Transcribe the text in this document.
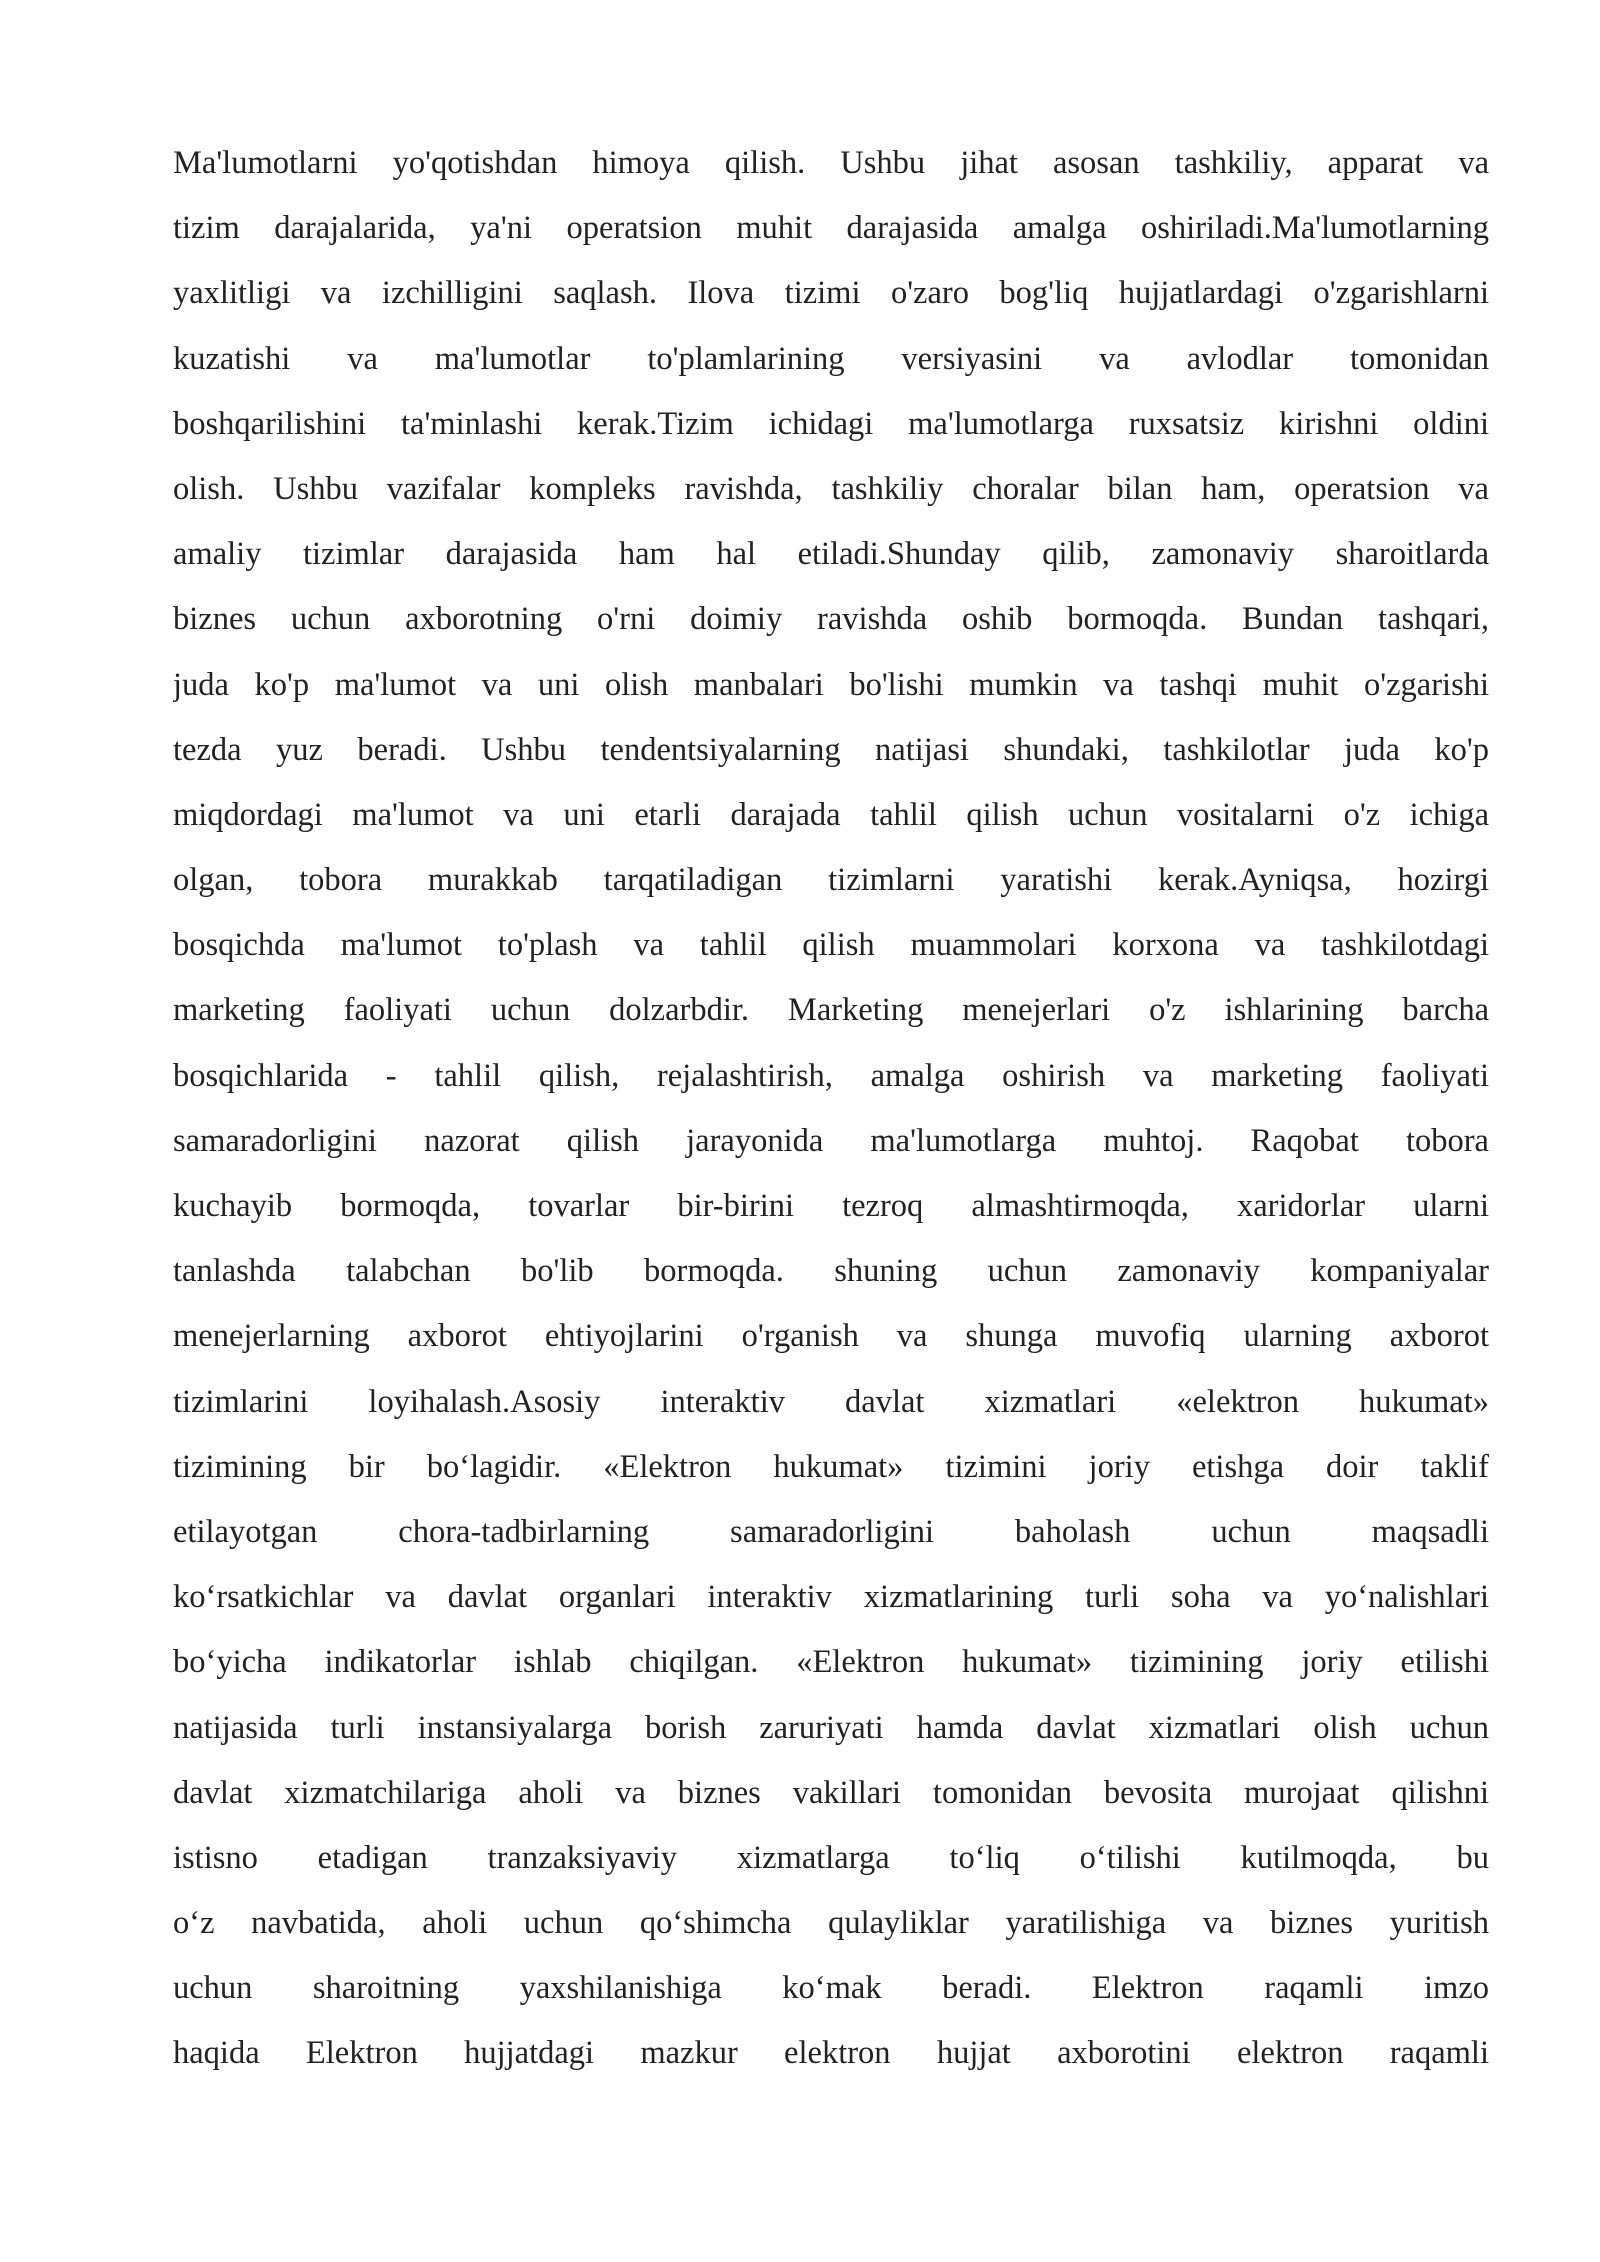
Ma'lumotlarni yo'qotishdan himoya qilish. Ushbu jihat asosan tashkiliy, apparat va
tizim darajalarida, ya'ni operatsion muhit darajasida amalga oshiriladi.Ma'lumotlarning
yaxlitligi va izchilligini saqlash. Ilova tizimi o'zaro bog'liq hujjatlardagi o'zgarishlarni
kuzatishi va ma'lumotlar to'plamlarining versiyasini va avlodlar tomonidan
boshqarilishini ta'minlashi kerak.Tizim ichidagi ma'lumotlarga ruxsatsiz kirishni oldini
olish. Ushbu vazifalar kompleks ravishda, tashkiliy choralar bilan ham, operatsion va
amaliy tizimlar darajasida ham hal etiladi.Shunday qilib, zamonaviy sharoitlarda
biznes uchun axborotning o'rni doimiy ravishda oshib bormoqda. Bundan tashqari,
juda ko'p ma'lumot va uni olish manbalari bo'lishi mumkin va tashqi muhit o'zgarishi
tezda yuz beradi. Ushbu tendentsiyalarning natijasi shundaki, tashkilotlar juda ko'p
miqdordagi ma'lumot va uni etarli darajada tahlil qilish uchun vositalarni o'z ichiga
olgan, tobora murakkab tarqatiladigan tizimlarni yaratishi kerak.Ayniqsa, hozirgi
bosqichda ma'lumot to'plash va tahlil qilish muammolari korxona va tashkilotdagi
marketing faoliyati uchun dolzarbdir. Marketing menejerlari o'z ishlarining barcha
bosqichlarida - tahlil qilish, rejalashtirish, amalga oshirish va marketing faoliyati
samaradorligini nazorat qilish jarayonida ma'lumotlarga muhtoj. Raqobat tobora
kuchayib bormoqda, tovarlar bir-birini tezroq almashtirmoqda, xaridorlar ularni
tanlashda talabchan bo'lib bormoqda. shuning uchun zamonaviy kompaniyalar
menejerlarning axborot ehtiyojlarini o'rganish va shunga muvofiq ularning axborot
tizimlarini loyihalash.Asosiy interaktiv davlat xizmatlari «elektron hukumat»
tizimining bir bo‘lagidir. «Elektron hukumat» tizimini joriy etishga doir taklif
etilayotgan chora-tadbirlarning samaradorligini baholash uchun maqsadli
ko‘rsatkichlar va davlat organlari interaktiv xizmatlarining turli soha va yo‘nalishlari
bo‘yicha indikatorlar ishlab chiqilgan. «Elektron hukumat» tizimining joriy etilishi
natijasida turli instansiyalarga borish zaruriyati hamda davlat xizmatlari olish uchun
davlat xizmatchilariga aholi va biznes vakillari tomonidan bevosita murojaat qilishni
istisno etadigan tranzaksiyaviy xizmatlarga to‘liq o‘tilishi kutilmoqda, bu
o‘z navbatida, aholi uchun qo‘shimcha qulayliklar yaratilishiga va biznes yuritish
uchun sharoitning yaxshilanishiga ko‘mak beradi. Elektron raqamli imzo
haqida Elektron hujjatdagi mazkur elektron hujjat axborotini elektron raqamli
